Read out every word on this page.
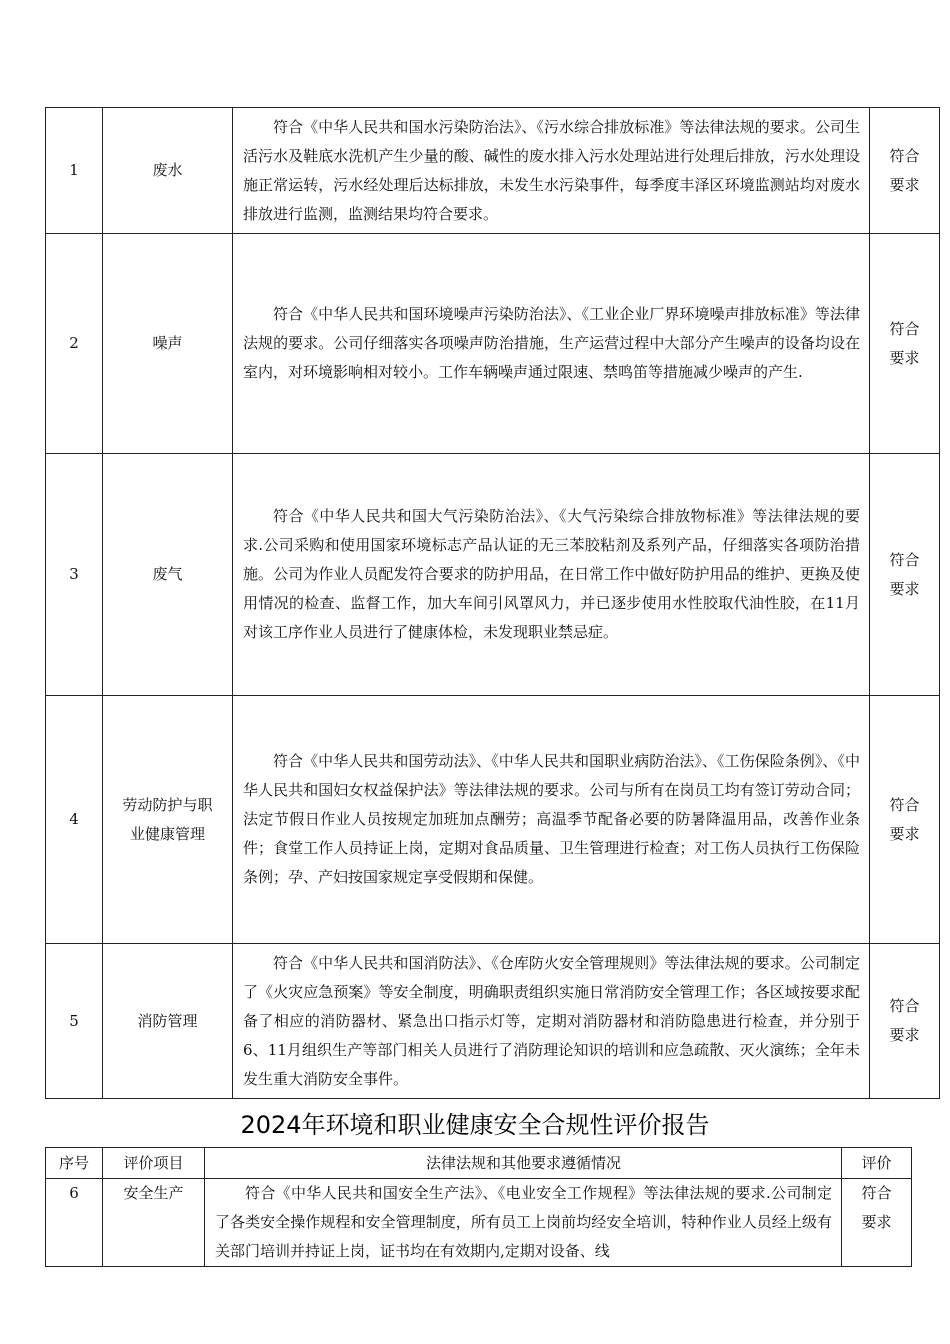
1	废水	符合《中华人民共和国水污染防治法》、《污水综合排放标准》等法律法规的要求。公司生活污水及鞋底水洗机产生少量的酸、碱性的废水排入污水处理站进行处理后排放，污水处理设施正常运转，污水经处理后达标排放，未发生水污染事件，每季度丰泽区环境监测站均对废水排放进行监测，监测结果均符合要求。	符合
要求

2	噪声	符合《中华人民共和国环境噪声污染防治法》、《工业企业厂界环境噪声排放标准》等法律法规的要求。公司仔细落实各项噪声防治措施，生产运营过程中大部分产生噪声的设备均设在室内，对环境影响相对较小。工作车辆噪声通过限速、禁鸣笛等措施减少噪声的产生.	符合
要求

3	废气	符合《中华人民共和国大气污染防治法》、《大气污染综合排放物标准》等法律法规的要求.公司采购和使用国家环境标志产品认证的无三苯胶粘剂及系列产品，仔细落实各项防治措施。公司为作业人员配发符合要求的防护用品，在日常工作中做好防护用品的维护、更换及使用情况的检查、监督工作，加大车间引风罩风力，并已逐步使用水性胶取代油性胶，在11月对该工序作业人员进行了健康体检，未发现职业禁忌症。	符合
要求

4	劳动防护与职业健康管理	符合《中华人民共和国劳动法》、《中华人民共和国职业病防治法》、《工伤保险条例》、《中华人民共和国妇女权益保护法》等法律法规的要求。公司与所有在岗员工均有签订劳动合同；法定节假日作业人员按规定加班加点酬劳；高温季节配备必要的防暑降温用品，改善作业条件；食堂工作人员持证上岗，定期对食品质量、卫生管理进行检查；对工伤人员执行工伤保险条例；孕、产妇按国家规定享受假期和保健。	符合
要求

5	消防管理	符合《中华人民共和国消防法》、《仓库防火安全管理规则》等法律法规的要求。公司制定了《火灾应急预案》等安全制度，明确职责组织实施日常消防安全管理工作；各区域按要求配备了相应的消防器材、紧急出口指示灯等，定期对消防器材和消防隐患进行检查，并分别于6、11月组织生产等部门相关人员进行了消防理论知识的培训和应急疏散、灭火演练；全年未发生重大消防安全事件。	符合
要求
2024年环境和职业健康安全合规性评价报告
序号	评价项目	法律法规和其他要求遵循情况	评价
6	安全生产	符合《中华人民共和国安全生产法》、《电业安全工作规程》等法律法规的要求.公司制定了各类安全操作规程和安全管理制度，所有员工上岗前均经安全培训，特种作业人员经上级有关部门培训并持证上岗，证书均在有效期内,定期对设备、线	符合
要求
